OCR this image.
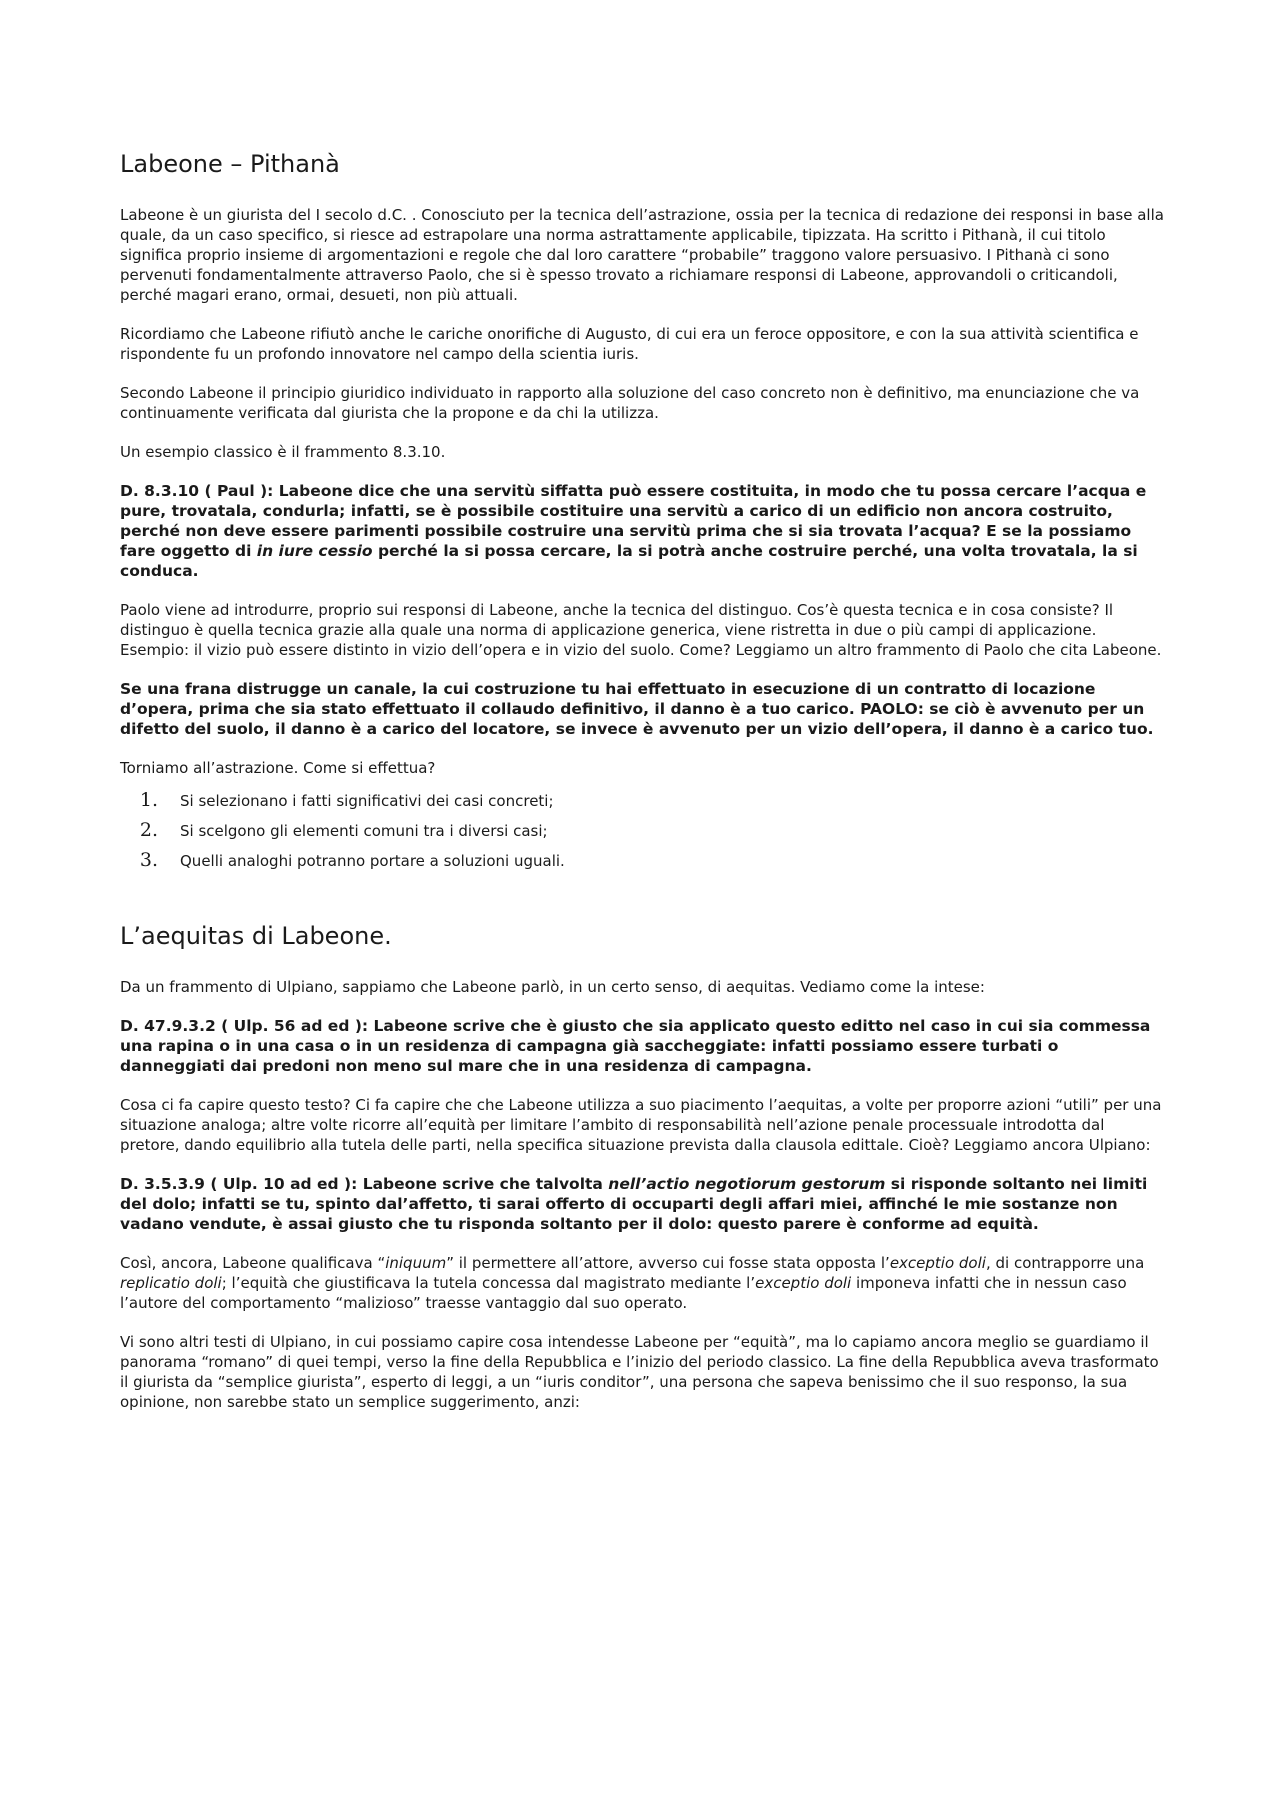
Labeone – Pithanà

Labeone è un giurista del I secolo d.C. . Conosciuto per la tecnica dell’astrazione, ossia per la tecnica di redazione dei responsi in base alla quale, da un caso specifico, si riesce ad estrapolare una norma astrattamente applicabile, tipizzata. Ha scritto i Pithanà, il cui titolo significa proprio insieme di argomentazioni e regole che dal loro carattere “probabile” traggono valore persuasivo. I Pithanà ci sono pervenuti fondamentalmente attraverso Paolo, che si è spesso trovato a richiamare responsi di Labeone, approvandoli o criticandoli, perché magari erano, ormai, desueti, non più attuali.

Ricordiamo che Labeone rifiutò anche le cariche onorifiche di Augusto, di cui era un feroce oppositore, e con la sua attività scientifica e rispondente fu un profondo innovatore nel campo della scientia iuris.

Secondo Labeone il principio giuridico individuato in rapporto alla soluzione del caso concreto non è definitivo, ma enunciazione che va continuamente verificata dal giurista che la propone e da chi la utilizza.

Un esempio classico è il frammento 8.3.10.

D. 8.3.10 ( Paul ): Labeone dice che una servitù siffatta può essere costituita, in modo che tu possa cercare l’acqua e pure, trovatala, condurla; infatti, se è possibile costituire una servitù a carico di un edificio non ancora costruito, perché non deve essere parimenti possibile costruire una servitù prima che si sia trovata l’acqua? E se la possiamo fare oggetto di in iure cessio perché la si possa cercare, la si potrà anche costruire perché, una volta trovatala, la si conduca.

Paolo viene ad introdurre, proprio sui responsi di Labeone, anche la tecnica del distinguo. Cos’è questa tecnica e in cosa consiste? Il distinguo è quella tecnica grazie alla quale una norma di applicazione generica, viene ristretta in due o più campi di applicazione. Esempio: il vizio può essere distinto in vizio dell’opera e in vizio del suolo. Come? Leggiamo un altro frammento di Paolo che cita Labeone.

Se una frana distrugge un canale, la cui costruzione tu hai effettuato in esecuzione di un contratto di locazione d’opera, prima che sia stato effettuato il collaudo definitivo, il danno è a tuo carico. PAOLO: se ciò è avvenuto per un difetto del suolo, il danno è a carico del locatore, se invece è avvenuto per un vizio dell’opera, il danno è a carico tuo.

Torniamo all’astrazione. Come si effettua?

1. Si selezionano i fatti significativi dei casi concreti;
2. Si scelgono gli elementi comuni tra i diversi casi;
3. Quelli analoghi potranno portare a soluzioni uguali.
L’aequitas di Labeone.

Da un frammento di Ulpiano, sappiamo che Labeone parlò, in un certo senso, di aequitas. Vediamo come la intese:

D. 47.9.3.2 ( Ulp. 56 ad ed ): Labeone scrive che è giusto che sia applicato questo editto nel caso in cui sia commessa una rapina o in una casa o in un residenza di campagna già saccheggiate: infatti possiamo essere turbati o danneggiati dai predoni non meno sul mare che in una residenza di campagna.

Cosa ci fa capire questo testo? Ci fa capire che che Labeone utilizza a suo piacimento l’aequitas, a volte per proporre azioni “utili” per una situazione analoga; altre volte ricorre all’equità per limitare l’ambito di responsabilità nell’azione penale processuale introdotta dal pretore, dando equilibrio alla tutela delle parti, nella specifica situazione prevista dalla clausola edittale. Cioè? Leggiamo ancora Ulpiano:

D. 3.5.3.9 ( Ulp. 10 ad ed ): Labeone scrive che talvolta nell’actio negotiorum gestorum si risponde soltanto nei limiti del dolo; infatti se tu, spinto dal’affetto, ti sarai offerto di occuparti degli affari miei, affinché le mie sostanze non vadano vendute, è assai giusto che tu risponda soltanto per il dolo: questo parere è conforme ad equità.

Così, ancora, Labeone qualificava “iniquum” il permettere all’attore, avverso cui fosse stata opposta l’exceptio doli, di contrapporre una replicatio doli; l’equità che giustificava la tutela concessa dal magistrato mediante l’exceptio doli imponeva infatti che in nessun caso l’autore del comportamento “malizioso” traesse vantaggio dal suo operato.

Vi sono altri testi di Ulpiano, in cui possiamo capire cosa intendesse Labeone per “equità”, ma lo capiamo ancora meglio se guardiamo il panorama “romano” di quei tempi, verso la fine della Repubblica e l’inizio del periodo classico. La fine della Repubblica aveva trasformato il giurista da “semplice giurista”, esperto di leggi, a un “iuris conditor”, una persona che sapeva benissimo che il suo responso, la sua opinione, non sarebbe stato un semplice suggerimento, anzi:
